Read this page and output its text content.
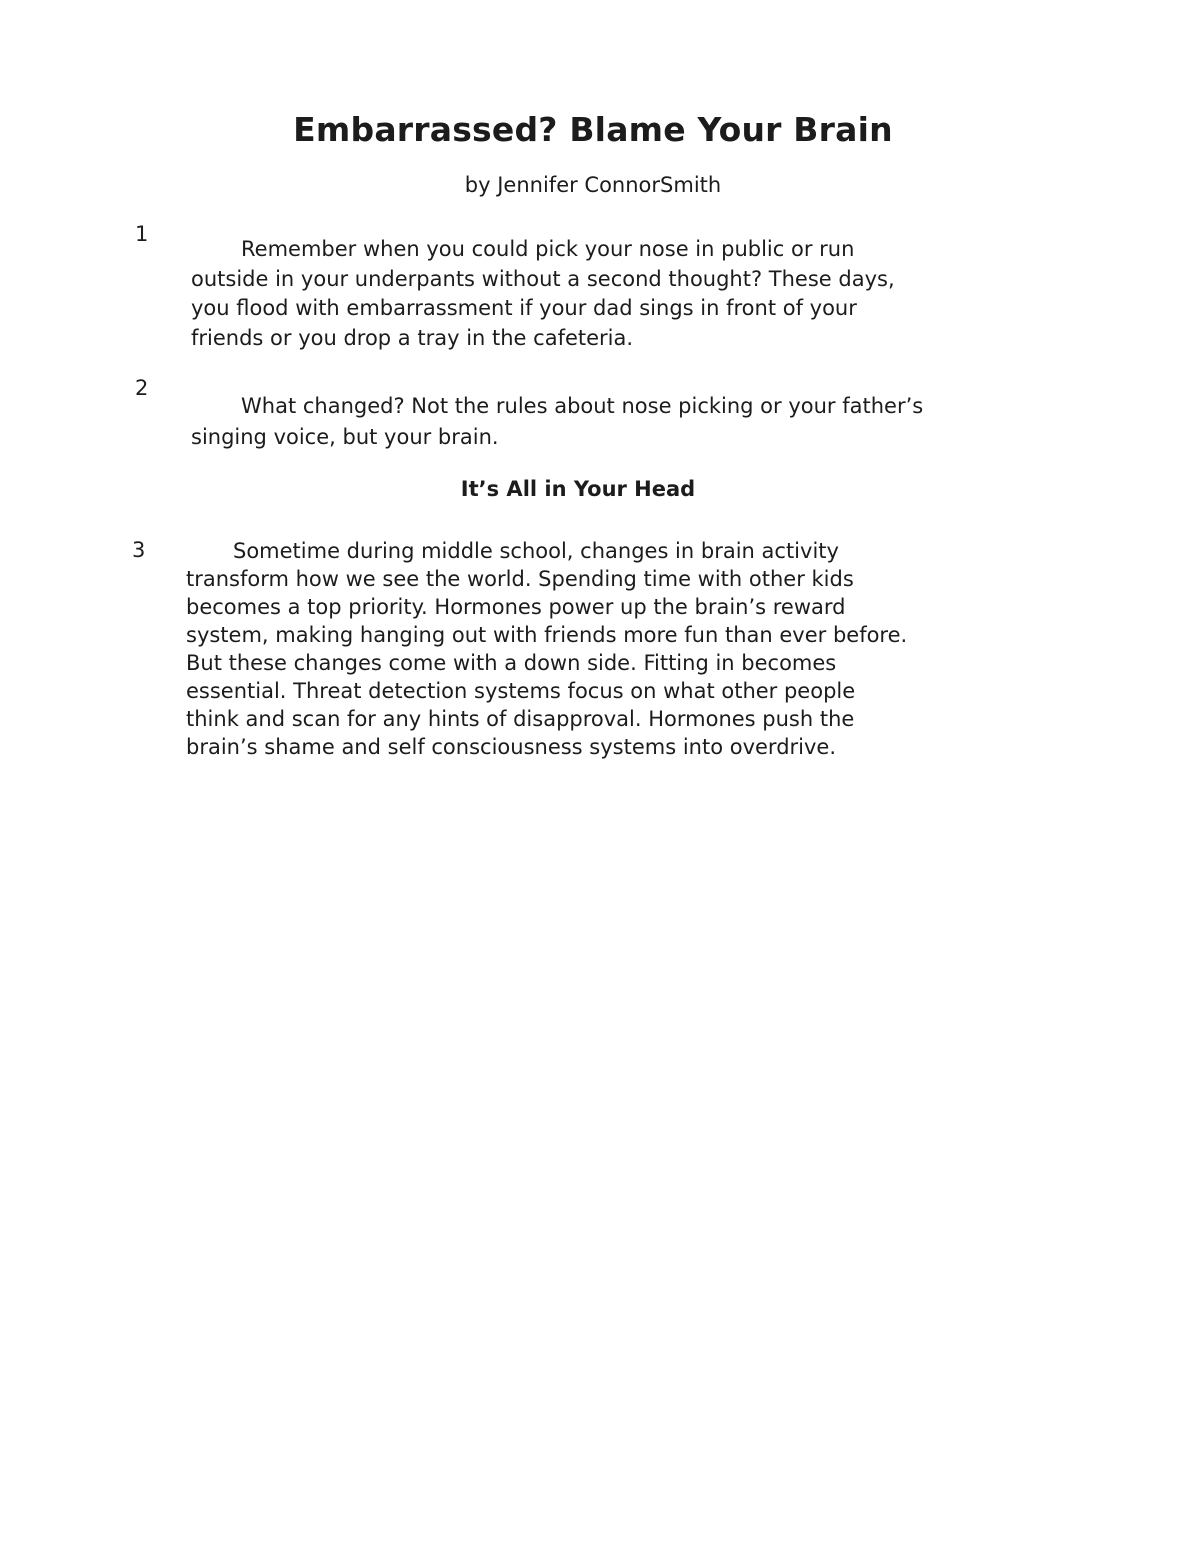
Embarrassed? Blame Your Brain

by Jennifer ConnorSmith

1

Remember when you could pick your nose in public or run
outside in your underpants without a second thought? These days,
you flood with embarrassment if your dad sings in front of your
friends or you drop a tray in the cafeteria.

2

What changed? Not the rules about nose picking or your father’s
singing voice, but your brain.
It’s All in Your Head

3	Sometime during middle school, changes in brain activity
transform how we see the world. Spending time with other kids
becomes a top priority. Hormones power up the brain’s reward
system, making hanging out with friends more fun than ever before.
But these changes come with a down side. Fitting in becomes
essential. Threat detection systems focus on what other people
think and scan for any hints of disapproval. Hormones push the
brain’s shame and self consciousness systems into overdrive.
